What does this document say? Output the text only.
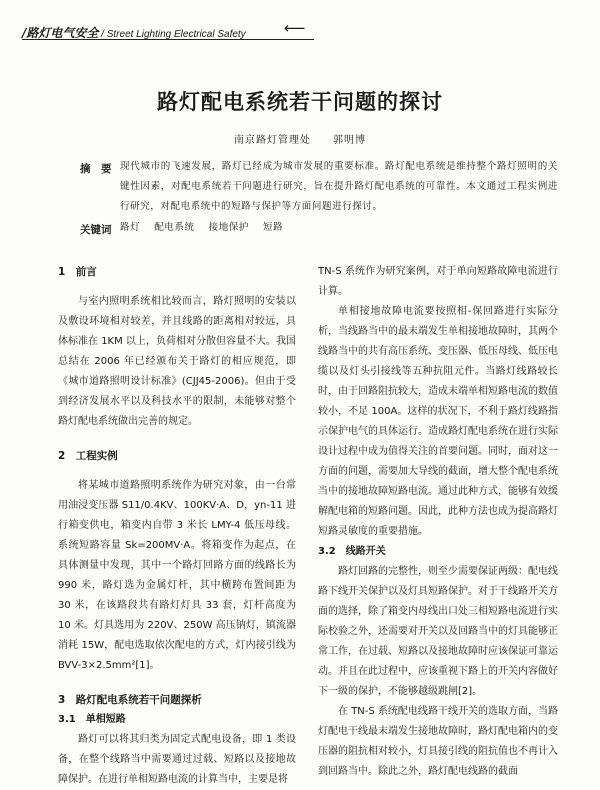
/路灯电气安全 / Street Lighting Electrical Safety	⟵
路灯配电系统若干问题的探讨
南京路灯管理处 郭明博
摘　要 现代城市的飞速发展，路灯已经成为城市发展的重要标准。路灯配电系统是维持整个路灯照明的关键性因素，对配电系统若干问题进行研究，旨在提升路灯配电系统的可靠性。本文通过工程实例进行研究，对配电系统中的短路与保护等方面问题进行探讨。
关键词 路灯 配电系统 接地保护 短路

1　前言

与室内照明系统相比较而言，路灯照明的安装以及敷设环境相对较差，并且线路的距离相对较远，具体标准在 1KM 以上，负荷相对分散但容量不大。我国总结在 2006 年已经颁布关于路灯的相应规范，即《城市道路照明设计标准》(CJJ45-2006)。但由于受到经济发展水平以及科技水平的限制，未能够对整个路灯配电系统做出完善的规定。

2　工程实例

将某城市道路照明系统作为研究对象，由一台常用油浸变压器 S11/0.4KV、100KV·A、D，yn-11 进行箱变供电，箱变内自带 3 米长 LMY-4 低压母线。系统短路容量 Sk=200MV·A。将箱变作为起点，在具体测量中发现，其中一个路灯回路方面的线路长为 990 米，路灯选为金属灯杆，其中横跨布置间距为 30 米，在该路段共有路灯灯具 33 套，灯杆高度为 10 米。灯具选用为 220V、250W 高压钠灯，镇流器消耗 15W，配电选取依次配电的方式，灯内接引线为 BVV-3×2.5mm²[1]。

3　路灯配电系统若干问题探析

3.1　单相短路

路灯可以将其归类为固定式配电设备，即 1 类设备，在整个线路当中需要通过过载、短路以及接地故障保护。在进行单相短路电流的计算当中，主要是将

TN-S 系统作为研究案例，对于单向短路故障电流进行计算。

单相接地故障电流要按照相-保回路进行实际分析，当线路当中的最末端发生单相接地故障时，其两个线路当中的共有高压系统、变压器、低压母线、低压电缆以及灯头引接线等五种抗阻元件。当路灯线路较长时，由于回路阻抗较大，造成末端单相短路电流的数值较小，不足 100A。这样的状况下，不利于路灯线路指示保护电气的具体运行。造成路灯配电系统在进行实际设计过程中成为值得关注的首要问题。同时，面对这一方面的问题，需要加大导线的截面，增大整个配电系统当中的接地故障短路电流。通过此种方式，能够有效缓解配电箱的短路问题。因此，此种方法也成为提高路灯短路灵敏度的重要措施。

3.2　线路开关

路灯回路的完整性，则至少需要保证两级：配电线路下线开关保护以及灯具短路保护。对于干线路开关方面的选择，除了箱变内母线出口处三相短路电流进行实际校验之外，还需要对开关以及回路当中的灯具能够正常工作，在过载、短路以及接地故障时应该保证可靠运动。并且在此过程中，应该重视下路上的开关内容做好下一级的保护，不能够越级跳闸[2]。

在 TN-S 系统配电线路干线开关的选取方面，当路灯配电干线最末端发生接地故障时，路灯配电箱内的变压器的阻抗相对较小，灯具接引线的阻抗值也不再计入到回路当中。除此之外，路灯配电线路的截面
